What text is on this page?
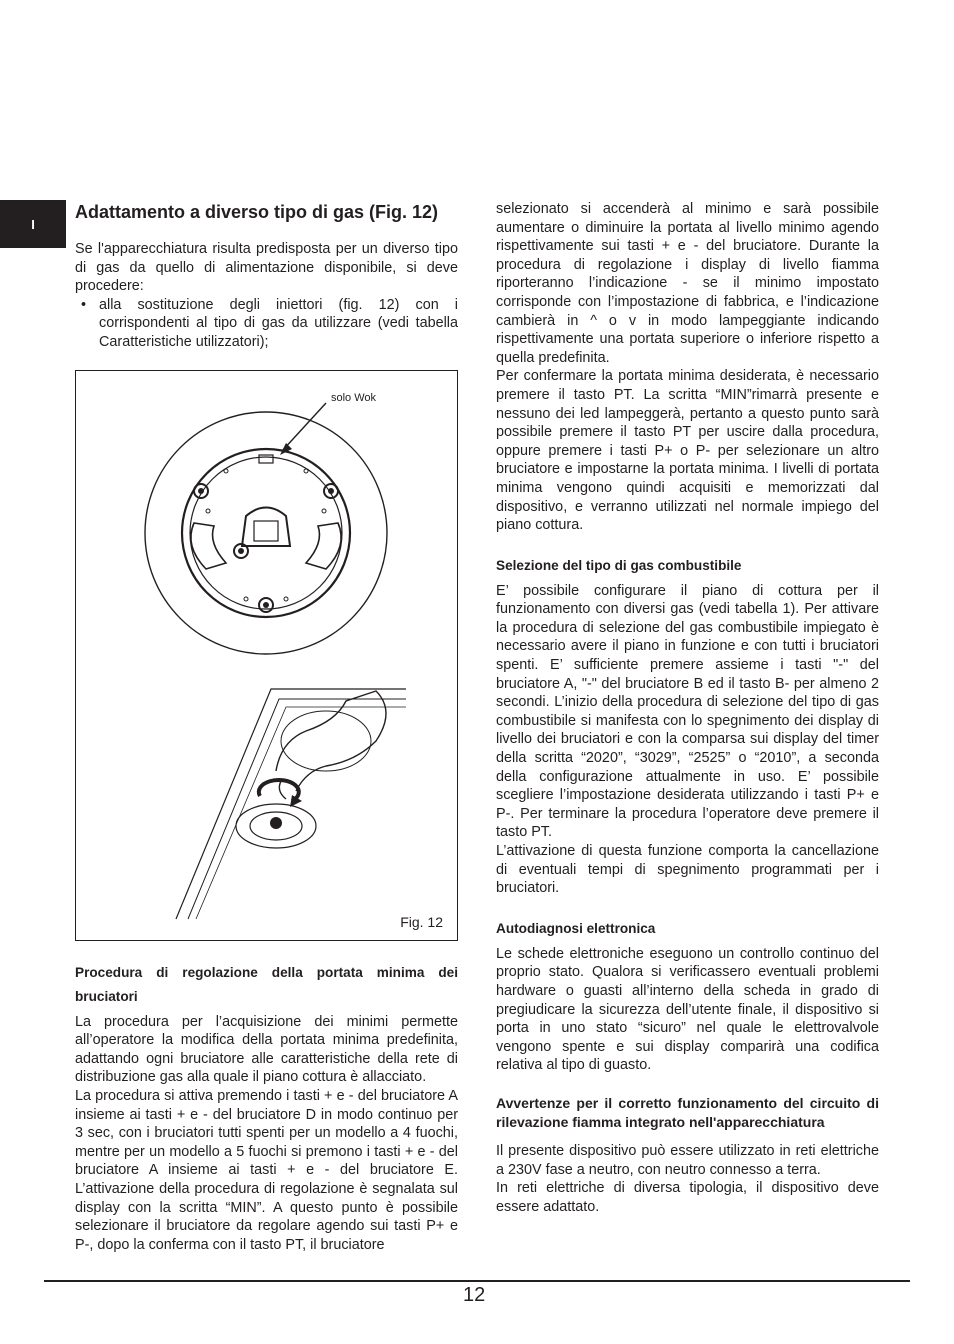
I
Adattamento a diverso tipo di gas (Fig. 12)

Se l'apparecchiatura risulta predisposta per un diverso tipo di gas da quello di alimentazione disponibile, si deve procedere:

• alla sostituzione degli iniettori (fig. 12) con i corrispondenti al tipo di gas da utilizzare (vedi tabella Caratteristiche utilizzatori);
solo Wok
Fig. 12
Procedura di regolazione della portata minima dei bruciatori

La procedura per l’acquisizione dei minimi permette all’operatore la modifica della portata minima predefinita, adattando ogni bruciatore alle caratteristiche della rete di distribuzione gas alla quale il piano cottura è allacciato.

La procedura si attiva premendo i tasti + e - del bruciatore A insieme ai tasti + e - del bruciatore D in modo continuo per 3 sec, con i bruciatori tutti spenti per un modello a 4 fuochi, mentre per un modello a 5 fuochi si premono i tasti + e - del bruciatore A insieme ai tasti + e - del bruciatore E. L’attivazione della procedura di regolazione è segnalata sul display con la scritta “MIN”. A questo punto è possibile selezionare il bruciatore da regolare agendo sui tasti P+ e P-, dopo la conferma con il tasto PT, il bruciatore

selezionato si accenderà al minimo e sarà possibile aumentare o diminuire la portata al livello minimo agendo rispettivamente sui tasti + e - del bruciatore. Durante la procedura di regolazione i display di livello fiamma riporteranno l’indicazione - se il minimo impostato corrisponde con l’impostazione di fabbrica, e l’indicazione cambierà in ^ o v in modo lampeggiante indicando rispettivamente una portata superiore o inferiore rispetto a quella predefinita.

Per confermare la portata minima desiderata, è necessario premere il tasto PT. La scritta “MIN”rimarrà presente e nessuno dei led lampeggerà, pertanto a questo punto sarà possibile premere il tasto PT per uscire dalla procedura, oppure premere i tasti P+ o P- per selezionare un altro bruciatore e impostarne la portata minima. I livelli di portata minima vengono quindi acquisiti e memorizzati dal dispositivo, e verranno utilizzati nel normale impiego del piano cottura.

Selezione del tipo di gas combustibile

E’ possibile configurare il piano di cottura per il funzionamento con diversi gas (vedi tabella 1). Per attivare la procedura di selezione del gas combustibile impiegato è necessario avere il piano in funzione e con tutti i bruciatori spenti. E’ sufficiente premere assieme i tasti "-" del bruciatore A, "-" del bruciatore B ed il tasto B- per almeno 2 secondi. L’inizio della procedura di selezione del tipo di gas combustibile si manifesta con lo spegnimento dei display di livello dei bruciatori e con la comparsa sui display del timer della scritta “2020”, “3029”, “2525” o “2010”, a seconda della configurazione attualmente in uso. E’ possibile scegliere l’impostazione desiderata utilizzando i tasti P+ e P-. Per terminare la procedura l’operatore deve premere il tasto PT.

L’attivazione di questa funzione comporta la cancellazione di eventuali tempi di spegnimento programmati per i bruciatori.

Autodiagnosi elettronica

Le schede elettroniche eseguono un controllo continuo del proprio stato. Qualora si verificassero eventuali problemi hardware o guasti all’interno della scheda in grado di pregiudicare la sicurezza dell’utente finale, il dispositivo si porta in uno stato “sicuro” nel quale le elettrovalvole vengono spente e sui display comparirà una codifica relativa al tipo di guasto.

Avvertenze per il corretto funzionamento del circuito di rilevazione fiamma integrato nell'apparecchiatura

Il presente dispositivo può essere utilizzato in reti elettriche a 230V fase a neutro, con neutro connesso a terra.

In reti elettriche di diversa tipologia, il dispositivo deve essere adattato.

12
